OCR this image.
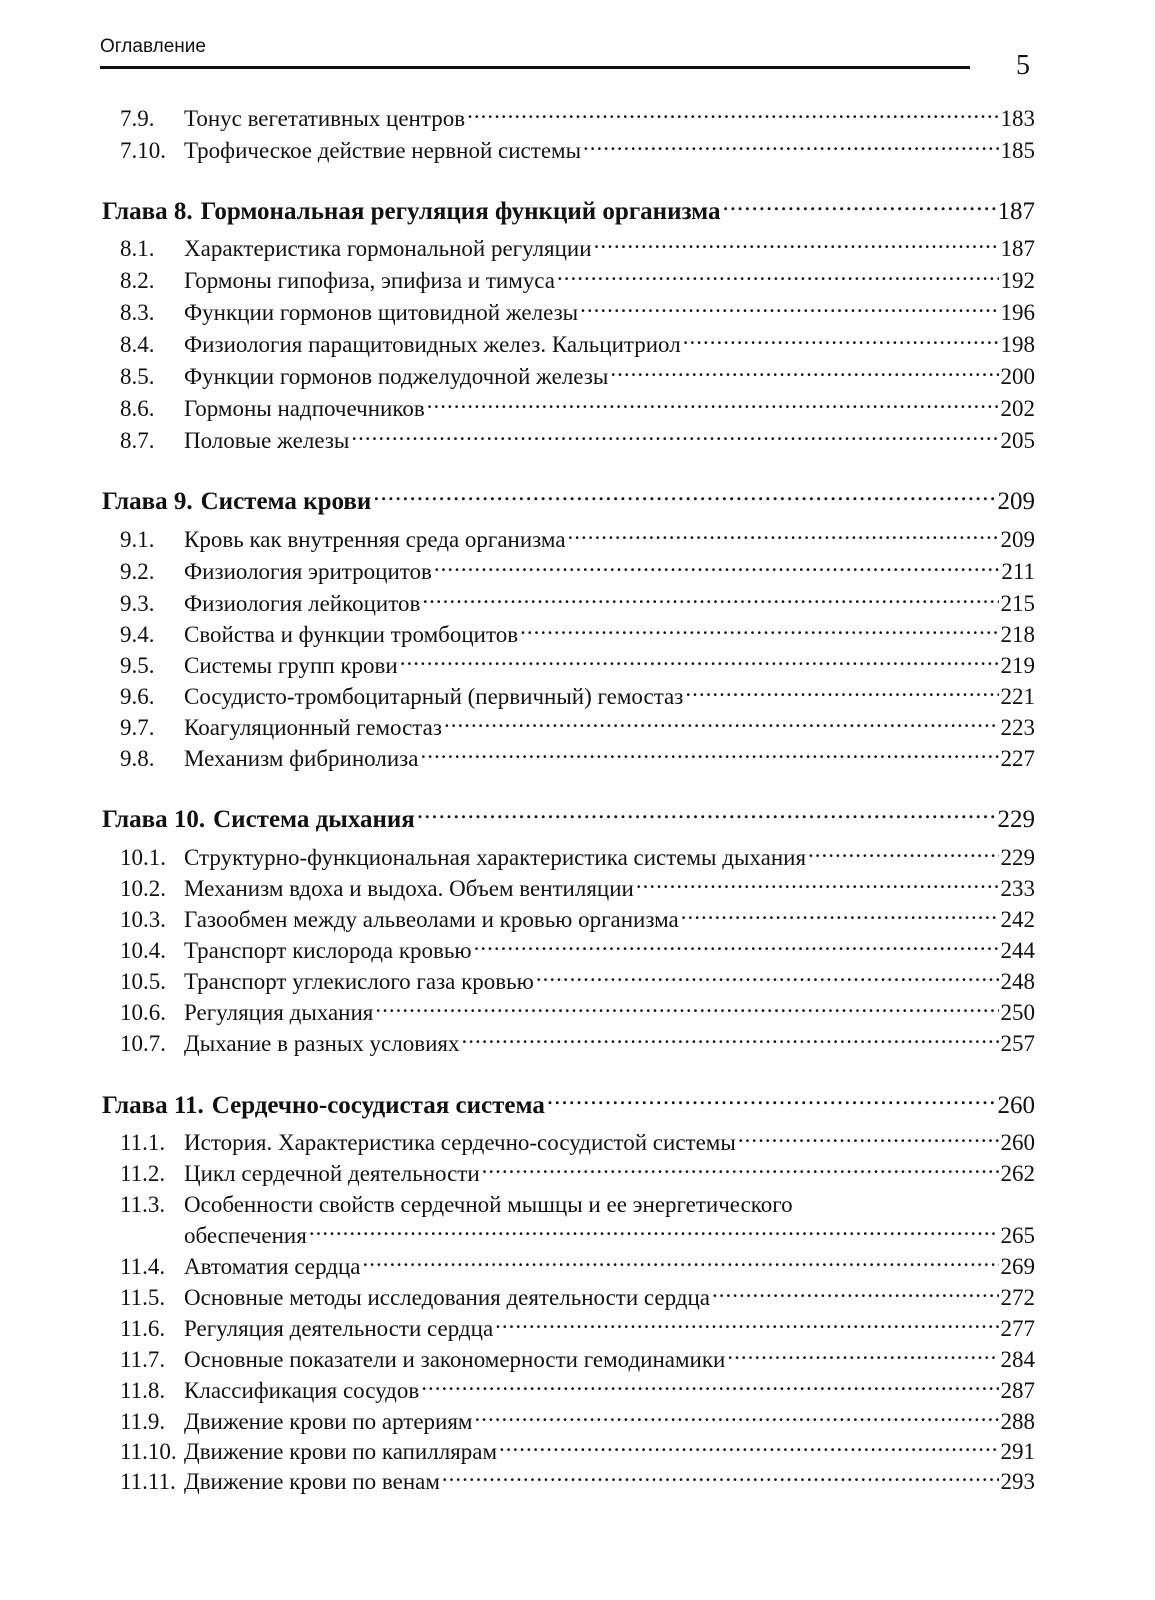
Оглавление
5
7.9.	Тонус вегетативных центров .....	183
7.10. Трофическое действие нервной системы .....	185
Глава 8. Гормональная регуляция функций организма .....	187
8.1.	Характеристика гормональной регуляции .....	187
8.2.	Гормоны гипофиза, эпифиза и тимуса .....	192
8.3.	Функции гормонов щитовидной железы .....	196
8.4.	Физиология паращитовидных желез. Кальцитриол .....	198
8.5.	Функции гормонов поджелудочной железы .....	200
8.6.	Гормоны надпочечников .....	202
8.7.	Половые железы .....	205
Глава 9. Система крови .....	209
9.1.	Кровь как внутренняя среда организма .....	209
9.2.	Физиология эритроцитов .....	211
9.3.	Физиология лейкоцитов .....	215
9.4.	Свойства и функции тромбоцитов .....	218
9.5.	Системы групп крови .....	219
9.6.	Сосудисто-тромбоцитарный (первичный) гемостаз .....	221
9.7.	Коагуляционный гемостаз .....	223
9.8.	Механизм фибринолиза .....	227
Глава 10. Система дыхания .....	229
10.1. Структурно-функциональная характеристика системы дыхания .....	229
10.2. Механизм вдоха и выдоха. Объем вентиляции .....	233
10.3. Газообмен между альвеолами и кровью организма .....	242
10.4. Транспорт кислорода кровью .....	244
10.5. Транспорт углекислого газа кровью .....	248
10.6. Регуляция дыхания .....	250
10.7. Дыхание в разных условиях .....	257
Глава 11. Сердечно-сосудистая система .....	260
11.1. История. Характеристика сердечно-сосудистой системы .....	260
11.2. Цикл сердечной деятельности .....	262
11.3. Особенности свойств сердечной мышцы и ее энергетического
обеспечения .....	265
11.4. Автоматия сердца .....	269
11.5. Основные методы исследования деятельности сердца .....	272
11.6. Регуляция деятельности сердца .....	277
11.7. Основные показатели и закономерности гемодинамики .....	284
11.8. Классификация сосудов .....	287
11.9. Движение крови по артериям .....	288
11.10. Движение крови по капиллярам .....	291
11.11. Движение крови по венам .....	293
